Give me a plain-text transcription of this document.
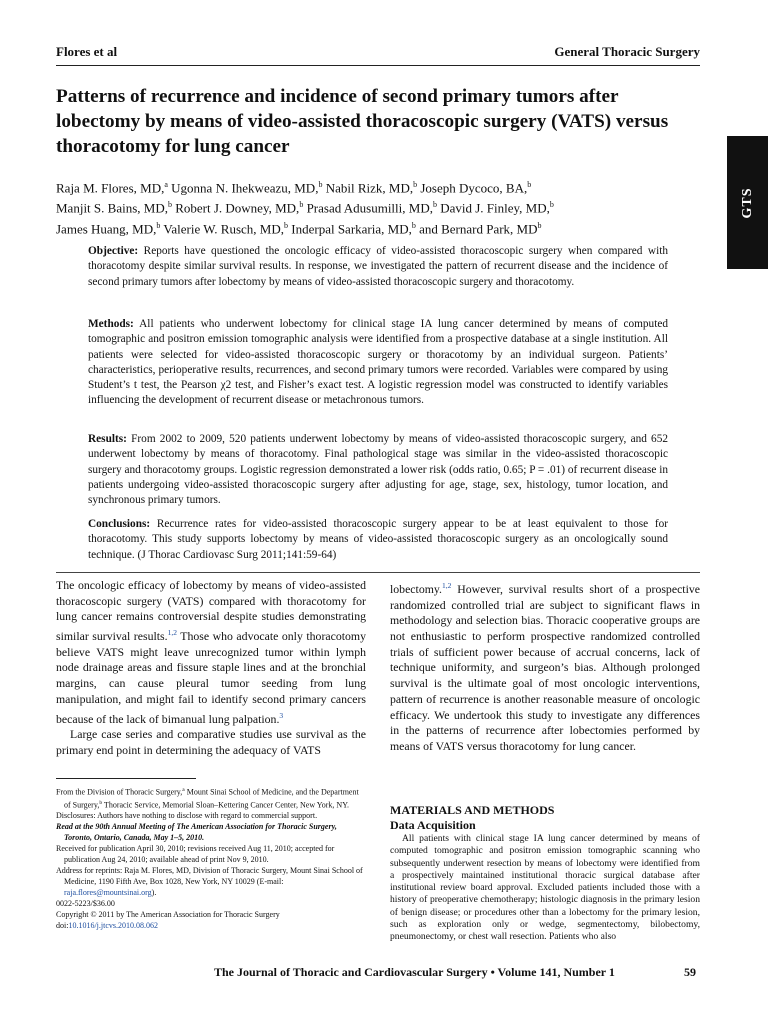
Flores et al	General Thoracic Surgery
GTS
Patterns of recurrence and incidence of second primary tumors after lobectomy by means of video-assisted thoracoscopic surgery (VATS) versus thoracotomy for lung cancer
Raja M. Flores, MD,$^a$ Ugonna N. Ihekweazu, MD,$^b$ Nabil Rizk, MD,$^b$ Joseph Dycoco, BA,$^b$
Manjit S. Bains, MD,$^b$ Robert J. Downey, MD,$^b$ Prasad Adusumilli, MD,$^b$ David J. Finley, MD,$^b$
James Huang, MD,$^b$ Valerie W. Rusch, MD,$^b$ Inderpal Sarkaria, MD,$^b$ and Bernard Park, $MD^b$

Objective: Reports have questioned the oncologic efficacy of video-assisted thoracoscopic surgery when compared with thoracotomy despite similar survival results. In response, we investigated the pattern of recurrent disease and the incidence of second primary tumors after lobectomy by means of video-assisted thoracoscopic surgery and thoracotomy.

Methods: All patients who underwent lobectomy for clinical stage IA lung cancer determined by means of computed tomographic and positron emission tomographic analysis were identified from a prospective database at a single institution. All patients were selected for video-assisted thoracoscopic surgery or thoracotomy by an individual surgeon. Patients’ characteristics, perioperative results, recurrences, and second primary tumors were recorded. Variables were compared by using Student’s t test, the Pearson χ2 test, and Fisher’s exact test. A logistic regression model was constructed to identify variables influencing the development of recurrent disease or metachronous tumors.

Results: From 2002 to 2009, 520 patients underwent lobectomy by means of video-assisted thoracoscopic surgery, and 652 underwent lobectomy by means of thoracotomy. Final pathological stage was similar in the video-assisted thoracoscopic surgery and thoracotomy groups. Logistic regression demonstrated a lower risk (odds ratio, 0.65; P = .01) of recurrent disease in patients undergoing video-assisted thoracoscopic surgery after adjusting for age, stage, sex, histology, tumor location, and synchronous primary tumors.

Conclusions: Recurrence rates for video-assisted thoracoscopic surgery appear to be at least equivalent to those for thoracotomy. This study supports lobectomy by means of video-assisted thoracoscopic surgery as an oncologically sound technique. (J Thorac Cardiovasc Surg 2011;141:59-64)

The oncologic efficacy of lobectomy by means of video-assisted thoracoscopic surgery (VATS) compared with thoracotomy for lung cancer remains controversial despite studies demonstrating similar survival results.$^{1,2}$ Those who advocate only thoracotomy believe VATS might leave unrecognized tumor within lymph node drainage areas and fissure staple lines and at the bronchial margins, can cause pleural tumor seeding from lung manipulation, and might fail to identify second primary cancers because of the lack of bimanual lung palpation.$^3$

Large case series and comparative studies use survival as the primary end point in determining the adequacy of VATS

lobectomy.$^{1,2}$ However, survival results short of a prospective randomized controlled trial are subject to significant flaws in methodology and selection bias. Thoracic cooperative groups are not enthusiastic to perform prospective randomized controlled trials of sufficient power because of accrual concerns, lack of technique uniformity, and surgeon’s bias. Although prolonged survival is the ultimate goal of most oncologic interventions, pattern of recurrence is another reasonable measure of oncologic efficacy. We undertook this study to investigate any differences in the patterns of recurrence after lobectomies performed by means of VATS versus thoracotomy for lung cancer.

From the Division of Thoracic Surgery,$^a$ Mount Sinai School of Medicine, and the Department of Surgery,$^b$ Thoracic Service, Memorial Sloan–Kettering Cancer Center, New York, NY.

Disclosures: Authors have nothing to disclose with regard to commercial support.

Read at the 90th Annual Meeting of The American Association for Thoracic Surgery, Toronto, Ontario, Canada, May 1–5, 2010.

Received for publication April 30, 2010; revisions received Aug 11, 2010; accepted for publication Aug 24, 2010; available ahead of print Nov 9, 2010.

Address for reprints: Raja M. Flores, MD, Division of Thoracic Surgery, Mount Sinai School of Medicine, 1190 Fifth Ave, Box 1028, New York, NY 10029 (E-mail: raja.flores@mountsinai.org).

0022-5223/$36.00

Copyright © 2011 by The American Association for Thoracic Surgery

doi:10.1016/j.jtcvs.2010.08.062

MATERIALS AND METHODS
Data Acquisition

All patients with clinical stage IA lung cancer determined by means of computed tomographic and positron emission tomographic scanning who subsequently underwent resection by means of lobectomy were identified from a prospectively maintained institutional thoracic surgical database after institutional review board approval. Excluded patients included those with a history of preoperative chemotherapy; histologic diagnosis in the primary lesion of benign disease; or procedures other than a lobectomy for the primary lesion, such as exploration only or wedge, segmentectomy, bilobectomy, pneumonectomy, or chest wall resection. Patients who also

The Journal of Thoracic and Cardiovascular Surgery • Volume 141, Number 1	59
